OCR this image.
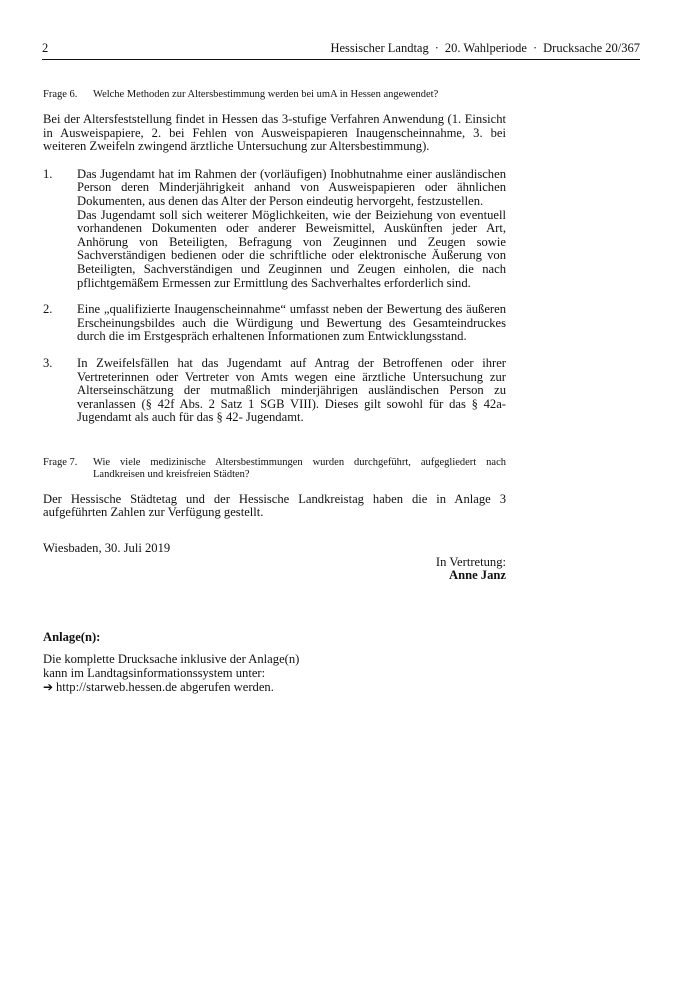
2	Hessischer Landtag · 20. Wahlperiode · Drucksache 20/367
Frage 6.	Welche Methoden zur Altersbestimmung werden bei umA in Hessen angewendet?

Bei der Altersfeststellung findet in Hessen das 3-stufige Verfahren Anwendung (1. Einsicht in Ausweispapiere, 2. bei Fehlen von Ausweispapieren Inaugenscheinnahme, 3. bei weiteren Zweifeln zwingend ärztliche Untersuchung zur Altersbestimmung).

1.	Das Jugendamt hat im Rahmen der (vorläufigen) Inobhutnahme einer ausländischen Person deren Minderjährigkeit anhand von Ausweispapieren oder ähnlichen Dokumenten, aus denen das Alter der Person eindeutig hervorgeht, festzustellen.

Das Jugendamt soll sich weiterer Möglichkeiten, wie der Beiziehung von eventuell vorhandenen Dokumenten oder anderer Beweismittel, Auskünften jeder Art, Anhörung von Beteiligten, Befragung von Zeuginnen und Zeugen sowie Sachverständigen bedienen oder die schriftliche oder elektronische Äußerung von Beteiligten, Sachverständigen und Zeuginnen und Zeugen einholen, die nach pflichtgemäßem Ermessen zur Ermittlung des Sachverhaltes erforderlich sind.

2.	Eine „qualifizierte Inaugenscheinnahme“ umfasst neben der Bewertung des äußeren Erscheinungsbildes auch die Würdigung und Bewertung des Gesamteindruckes durch die im Erstgespräch erhaltenen Informationen zum Entwicklungsstand.

3.	In Zweifelsfällen hat das Jugendamt auf Antrag der Betroffenen oder ihrer Vertreterinnen oder Vertreter von Amts wegen eine ärztliche Untersuchung zur Alterseinschätzung der mutmaßlich minderjährigen ausländischen Person zu veranlassen (§ 42f Abs. 2 Satz 1 SGB VIII). Dieses gilt sowohl für das § 42a-Jugendamt als auch für das § 42- Jugendamt.

Frage 7.	Wie viele medizinische Altersbestimmungen wurden durchgeführt, aufgegliedert nach Landkreisen und kreisfreien Städten?

Der Hessische Städtetag und der Hessische Landkreistag haben die in Anlage 3 aufgeführten Zahlen zur Verfügung gestellt.

Wiesbaden, 30. Juli 2019
In Vertretung:
Anne Janz
Anlage(n):
Die komplette Drucksache inklusive der Anlage(n)
kann im Landtagsinformationssystem unter:
➔ http://starweb.hessen.de abgerufen werden.
